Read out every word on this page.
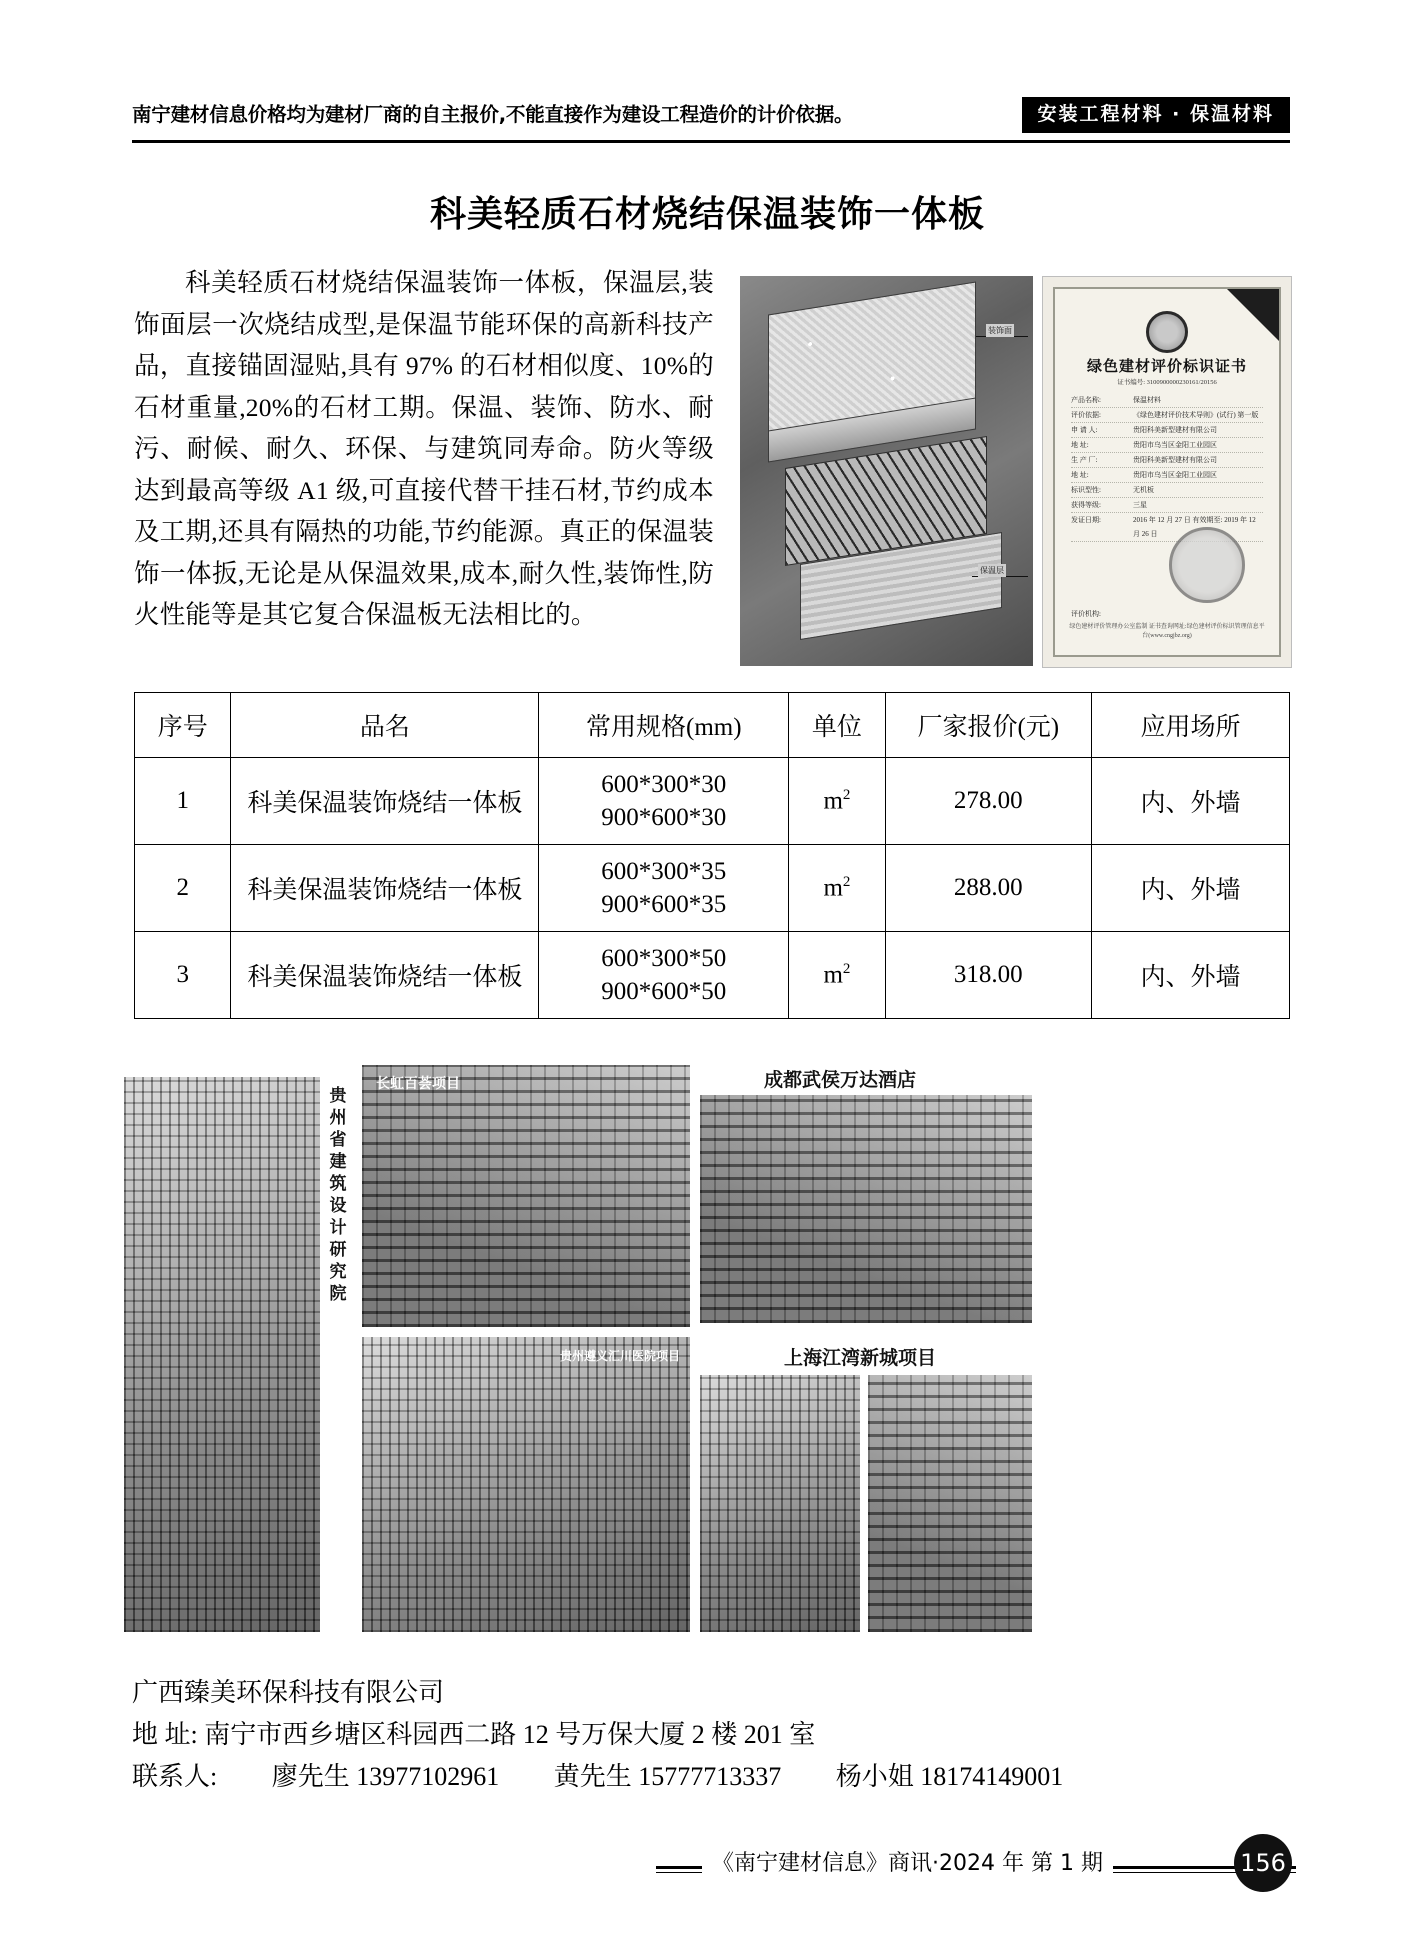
南宁建材信息价格均为建材厂商的自主报价,不能直接作为建设工程造价的计价依据。	安装工程材料 · 保温材料
科美轻质石材烧结保温装饰一体板
科美轻质石材烧结保温装饰一体板，保温层,装饰面层一次烧结成型,是保温节能环保的高新科技产品，直接锚固湿贴,具有 97% 的石材相似度、10%的石材重量,20%的石材工期。保温、装饰、防水、耐污、耐候、耐久、环保、与建筑同寿命。防火等级达到最高等级 A1 级,可直接代替干挂石材,节约成本及工期,还具有隔热的功能,节约能源。真正的保温装饰一体扳,无论是从保温效果,成本,耐久性,装饰性,防火性能等是其它复合保温板无法相比的。
装饰面
保温层
绿色建材评价标识证书
证书编号: 3100900000230161/20156
产品名称:	保温材料
评价依据:	《绿色建材评价技术导则》(试行) 第一版
申 请 人:	贵阳科美新型建材有限公司
地 址:	贵阳市乌当区金阳工业园区
生 产 厂:	贵阳科美新型建材有限公司
地 址:	贵阳市乌当区金阳工业园区
标识型性:	无机板
获得等级:	三星
发证日期:	2016 年 12 月 27 日 有效期至: 2019 年 12 月 26 日
评价机构:
绿色建材评价管理办公室监制 证书查询网址:绿色建材评价标识管理信息平台(www.cngjbz.org)
序号	品名	常用规格(mm)	单位	厂家报价(元)	应用场所
1	科美保温装饰烧结一体板	600*300*30
900*600*30	$m^2$	278.00	内、外墙
2	科美保温装饰烧结一体板	600*300*35
900*600*35	$m^2$	288.00	内、外墙
3	科美保温装饰烧结一体板	600*300*50
900*600*50	$m^2$	318.00	内、外墙
贵州省建筑设计研究院
长虹百荟项目
贵州遵义汇川医院项目
成都武侯万达酒店
上海江湾新城项目
广西臻美环保科技有限公司
地 址: 南宁市西乡塘区科园西二路 12 号万保大厦 2 楼 201 室
联系人: 廖先生 13977102961 黄先生 15777713337 杨小姐 18174149001
《南宁建材信息》商讯·2024 年 第 1 期	156
